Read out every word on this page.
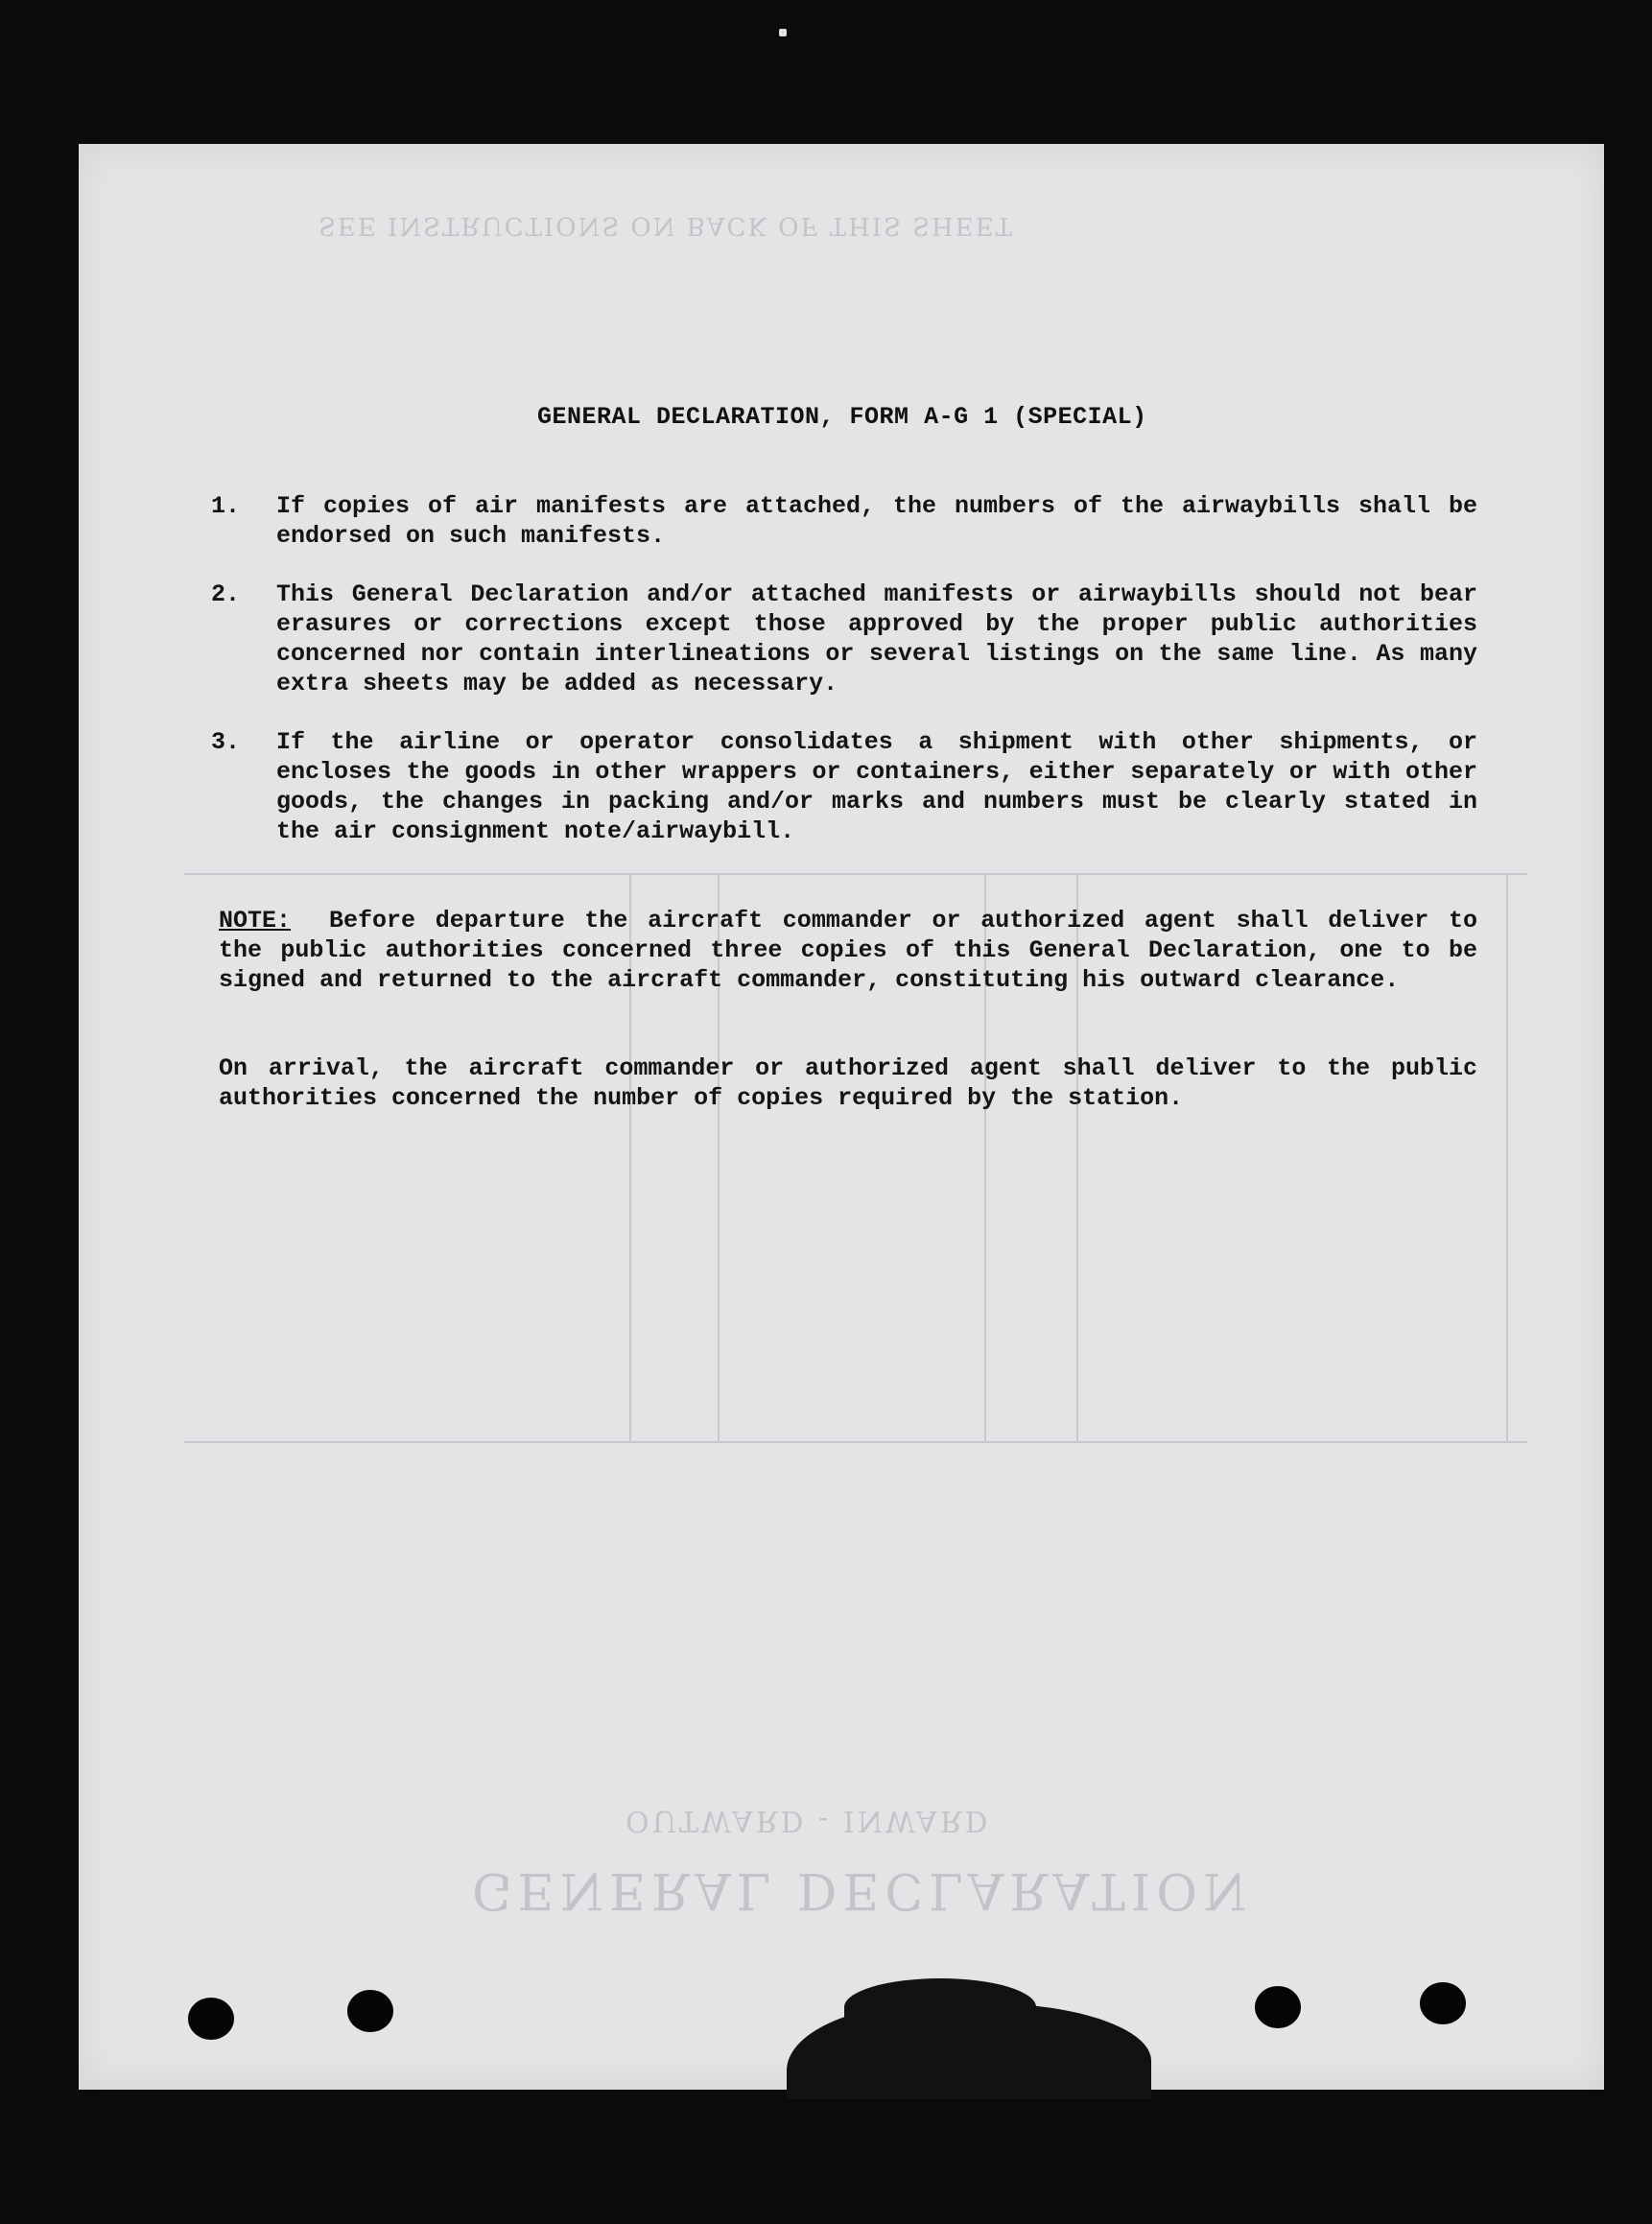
GENERAL DECLARATION
OUTWARD - INWARD
SEE INSTRUCTIONS ON BACK OF THIS SHEET
GENERAL DECLARATION, FORM A-G 1 (SPECIAL)
1.	If copies of air manifests are attached, the numbers of the airwaybills shall be endorsed on such manifests.
2.	This General Declaration and/or attached manifests or airwaybills should not bear erasures or corrections except those approved by the proper public authorities concerned nor contain interlineations or several listings on the same line. As many extra sheets may be added as necessary.
3.	If the airline or operator consolidates a shipment with other shipments, or encloses the goods in other wrappers or containers, either separately or with other goods, the changes in packing and/or marks and numbers must be clearly stated in the air consignment note/airwaybill.
NOTE: Before departure the aircraft commander or authorized agent shall deliver to the public authorities concerned three copies of this General Declaration, one to be signed and returned to the aircraft commander, constituting his outward clearance.
On arrival, the aircraft commander or authorized agent shall deliver to the public authorities concerned the number of copies required by the station.
